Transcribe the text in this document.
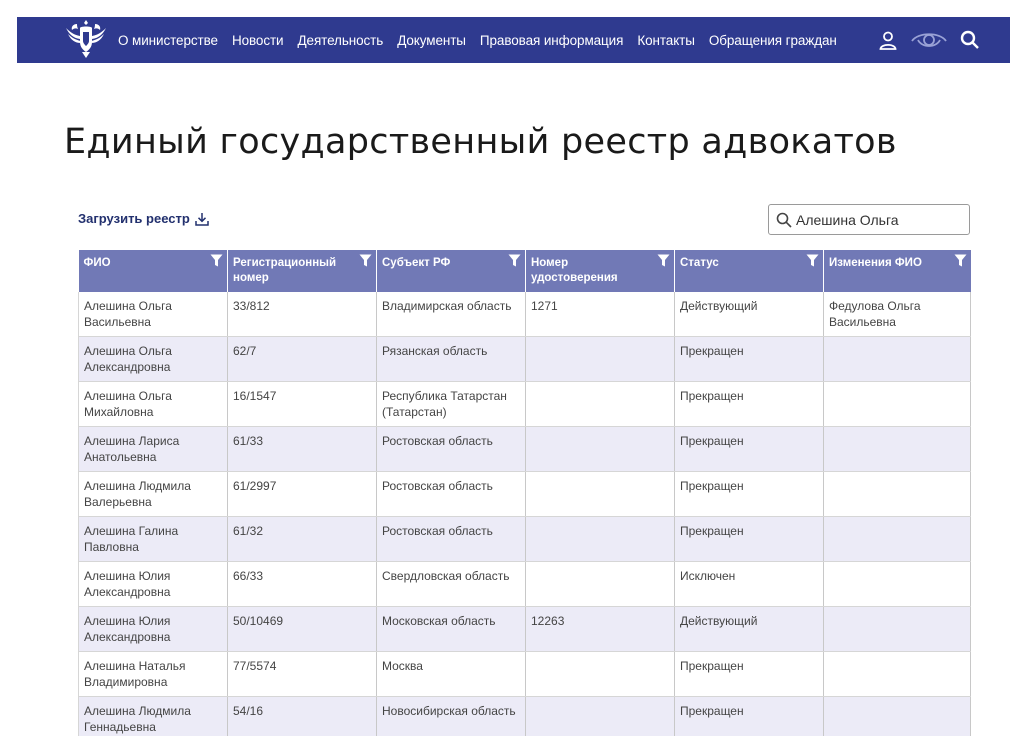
О министерстве Новости Деятельность Документы Правовая информация Контакты Обращения граждан
Единый государственный реестр адвокатов
Загрузить реестр
Алешина Ольга
ФИО	Регистрационный номер	Субъект РФ	Номер удостоверения	Статус	Изменения ФИО

Алешина Ольга Васильевна	33/812	Владимирская область	1271	Действующий	Федулова Ольга Васильевна
Алешина Ольга Александровна	62/7	Рязанская область		Прекращен	
Алешина Ольга Михайловна	16/1547	Республика Татарстан (Татарстан)		Прекращен	
Алешина Лариса Анатольевна	61/33	Ростовская область		Прекращен	
Алешина Людмила Валерьевна	61/2997	Ростовская область		Прекращен	
Алешина Галина Павловна	61/32	Ростовская область		Прекращен	
Алешина Юлия Александровна	66/33	Свердловская область		Исключен	
Алешина Юлия Александровна	50/10469	Московская область	12263	Действующий	
Алешина Наталья Владимировна	77/5574	Москва		Прекращен	
Алешина Людмила Геннадьевна	54/16	Новосибирская область		Прекращен	
